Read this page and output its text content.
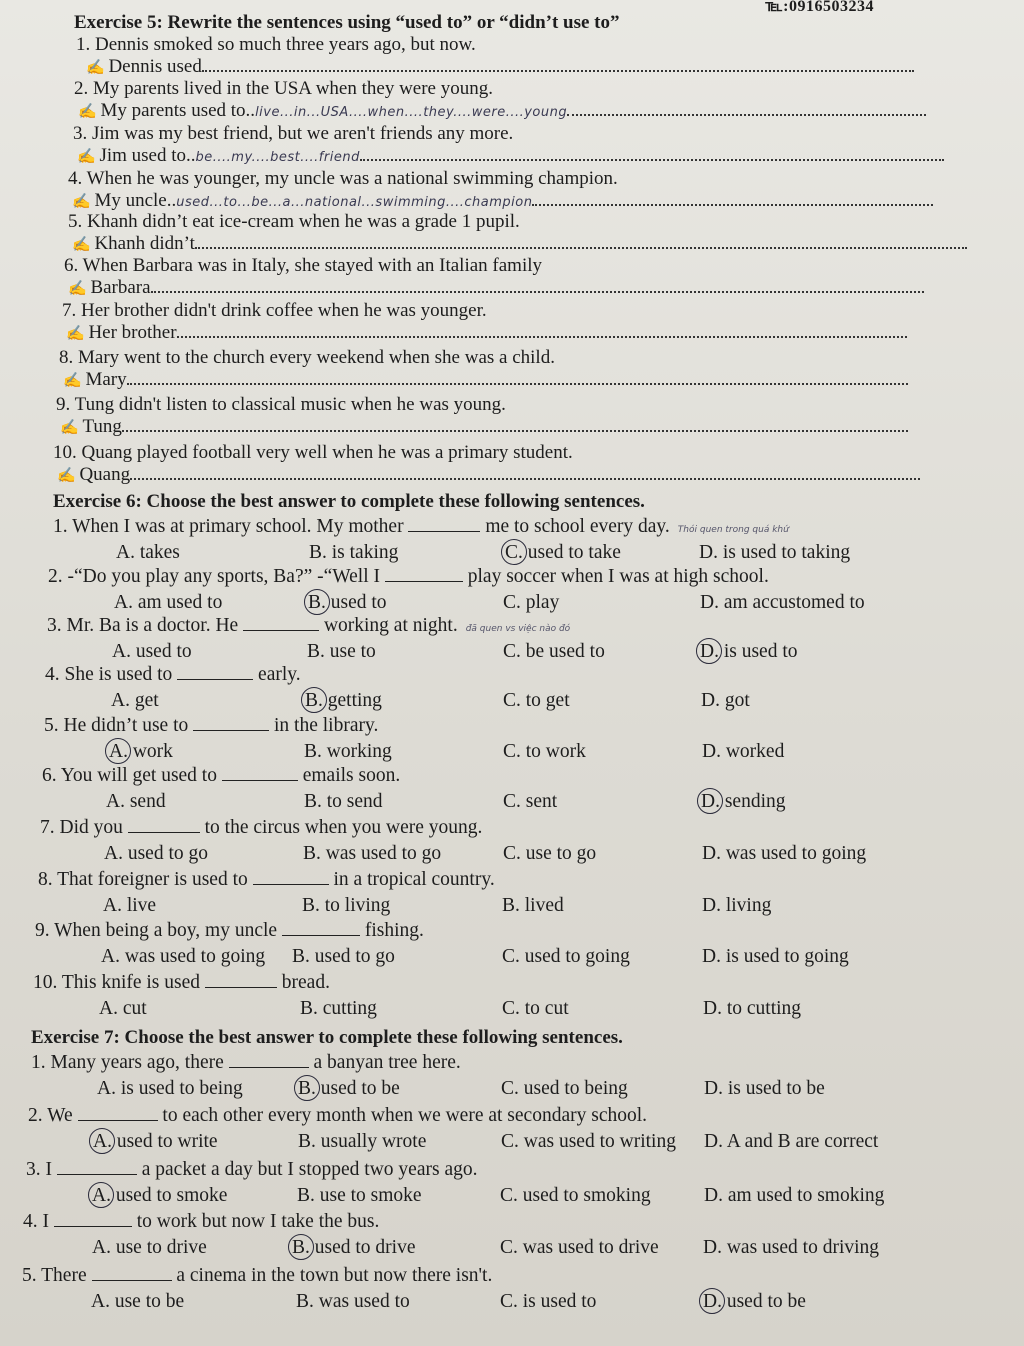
℡:0916503234
Exercise 5: Rewrite the sentences using “used to” or “didn’t use to”
1. Dennis smoked so much three years ago, but now.
✍ Dennis used
2. My parents lived in the USA when they were young.
✍ My parents used to..live...in...USA....when....they....were....young
3. Jim was my best friend, but we aren't friends any more.
✍ Jim used to..be....my....best....friend
4. When he was younger, my uncle was a national swimming champion.
✍ My uncle..used...to...be...a...national...swimming....champion
5. Khanh didn’t eat ice-cream when he was a grade 1 pupil.
✍ Khanh didn’t
6. When Barbara was in Italy, she stayed with an Italian family
✍ Barbara
7. Her brother didn't drink coffee when he was younger.
✍ Her brother
8. Mary went to the church every weekend when she was a child.
✍ Mary
9. Tung didn't listen to classical music when he was young.
✍ Tung
10. Quang played football very well when he was a primary student.
✍ Quang
Exercise 6: Choose the best answer to complete these following sentences.
1. When I was at primary school. My mother	me to school every day. Thói quen trong quá khứ
A. takes	B. is taking	C. used to take	D. is used to taking
2. -“Do you play any sports, Ba?” -“Well I	play soccer when I was at high school.
A. am used to	B. used to	C. play	D. am accustomed to
3. Mr. Ba is a doctor. He	working at night. đã quen vs việc nào đó
A. used to	B. use to	C. be used to	D. is used to
4. She is used to	early.
A. get	B. getting	C. to get	D. got
5. He didn’t use to	in the library.
A. work	B. working	C. to work	D. worked
6. You will get used to	emails soon.
A. send	B. to send	C. sent	D. sending
7. Did you	to the circus when you were young.
A. used to go	B. was used to go	C. use to go	D. was used to going
8. That foreigner is used to	in a tropical country.
A. live	B. to living	B. lived	D. living
9. When being a boy, my uncle	fishing.
A. was used to going B. used to go	C. used to going	D. is used to going
10. This knife is used	bread.
A. cut	B. cutting	C. to cut	D. to cutting
Exercise 7: Choose the best answer to complete these following sentences.
1. Many years ago, there	a banyan tree here.
A. is used to being	B. used to be	C. used to being	D. is used to be
2. We	to each other every month when we were at secondary school.
A. used to write	B. usually wrote	C. was used to writing D. A and B are correct
3. I	a packet a day but I stopped two years ago.
A. used to smoke	B. use to smoke	C. used to smoking	D. am used to smoking
4. I	to work but now I take the bus.
A. use to drive	B. used to drive	C. was used to drive D. was used to driving
5. There	a cinema in the town but now there isn't.
A. use to be	B. was used to	C. is used to	D. used to be
